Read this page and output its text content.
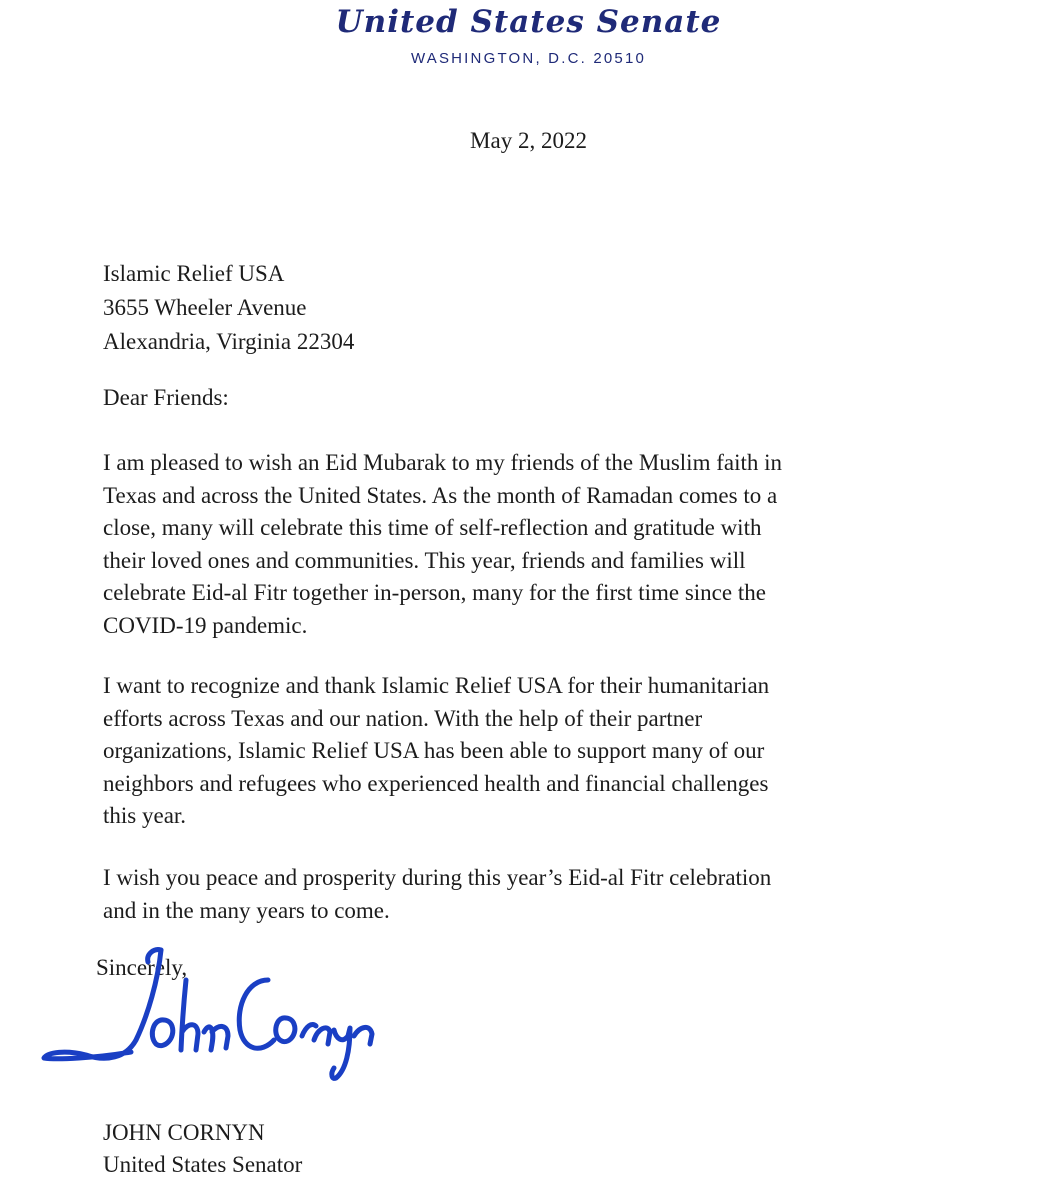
United States Senate
WASHINGTON, D.C. 20510
May 2, 2022
Islamic Relief USA
3655 Wheeler Avenue
Alexandria, Virginia 22304
Dear Friends:
I am pleased to wish an Eid Mubarak to my friends of the Muslim faith in
Texas and across the United States. As the month of Ramadan comes to a
close, many will celebrate this time of self-reflection and gratitude with
their loved ones and communities. This year, friends and families will
celebrate Eid-al Fitr together in-person, many for the first time since the
COVID-19 pandemic.
I want to recognize and thank Islamic Relief USA for their humanitarian
efforts across Texas and our nation. With the help of their partner
organizations, Islamic Relief USA has been able to support many of our
neighbors and refugees who experienced health and financial challenges
this year.
I wish you peace and prosperity during this year’s Eid-al Fitr celebration
and in the many years to come.
Sincerely,
JOHN CORNYN
United States Senator
